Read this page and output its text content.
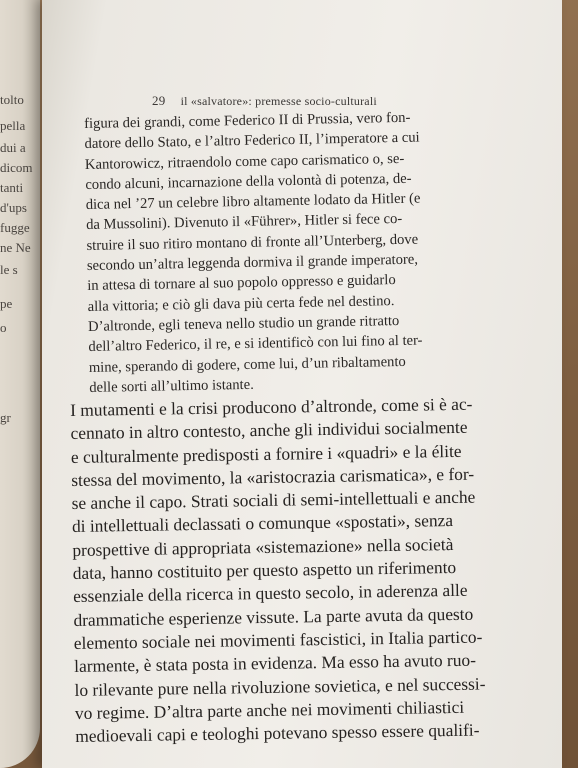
tolto
pella
dui a
dicom
tanti
d'ups
fugge
ne Ne
le s
pe
o
gr
29 il «salvatore»: premesse socio-culturali
figura dei grandi, come Federico II di Prussia, vero fon-
datore dello Stato, e l’altro Federico II, l’imperatore a cui
Kantorowicz, ritraendolo come capo carismatico o, se-
condo alcuni, incarnazione della volontà di potenza, de-
dica nel ’27 un celebre libro altamente lodato da Hitler (e
da Mussolini). Divenuto il «Führer», Hitler si fece co-
struire il suo ritiro montano di fronte all’Unterberg, dove
secondo un’altra leggenda dormiva il grande imperatore,
in attesa di tornare al suo popolo oppresso e guidarlo
alla vittoria; e ciò gli dava più certa fede nel destino.
D’altronde, egli teneva nello studio un grande ritratto
dell’altro Federico, il re, e si identificò con lui fino al ter-
mine, sperando di godere, come lui, d’un ribaltamento
delle sorti all’ultimo istante.
I mutamenti e la crisi producono d’altronde, come si è ac-
cennato in altro contesto, anche gli individui socialmente
e culturalmente predisposti a fornire i «quadri» e la élite
stessa del movimento, la «aristocrazia carismatica», e for-
se anche il capo. Strati sociali di semi-intellettuali e anche
di intellettuali declassati o comunque «spostati», senza
prospettive di appropriata «sistemazione» nella società
data, hanno costituito per questo aspetto un riferimento
essenziale della ricerca in questo secolo, in aderenza alle
drammatiche esperienze vissute. La parte avuta da questo
elemento sociale nei movimenti fascistici, in Italia partico-
larmente, è stata posta in evidenza. Ma esso ha avuto ruo-
lo rilevante pure nella rivoluzione sovietica, e nel successi-
vo regime. D’altra parte anche nei movimenti chiliastici
medioevali capi e teologhi potevano spesso essere qualifi-
